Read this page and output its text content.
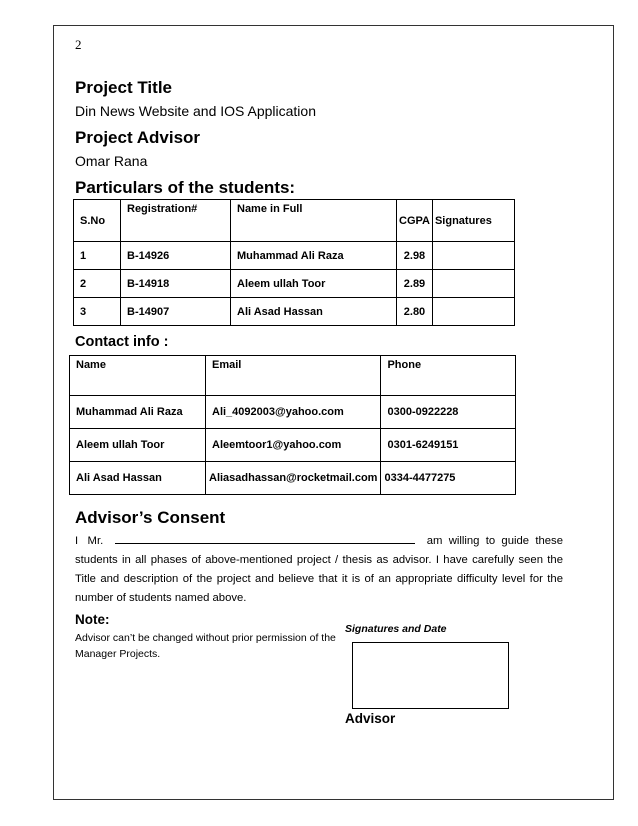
2
Project Title
Din News Website and IOS Application
Project Advisor
Omar Rana
Particulars of the students:
S.No	Registration#	Name in Full	CGPA	Signatures
1	B-14926	Muhammad Ali Raza	2.98	
2	B-14918	Aleem ullah Toor	2.89	
3	B-14907	Ali Asad Hassan	2.80	
Contact info :
Name	Email	Phone
Muhammad Ali Raza	Ali_4092003@yahoo.com	0300-0922228
Aleem ullah Toor	Aleemtoor1@yahoo.com	0301-6249151
Ali Asad Hassan	Aliasadhassan@rocketmail.com	0334-4477275
Advisor’s Consent
I   Mr.	am  willing  to  guide  these
students in all phases of above-mentioned project / thesis as advisor. I have carefully seen the Title and description of the project and believe that it is of an appropriate difficulty level for the number of students named above.
Note:
Advisor can’t be changed without prior permission of the Manager Projects.
Signatures and Date
Advisor
